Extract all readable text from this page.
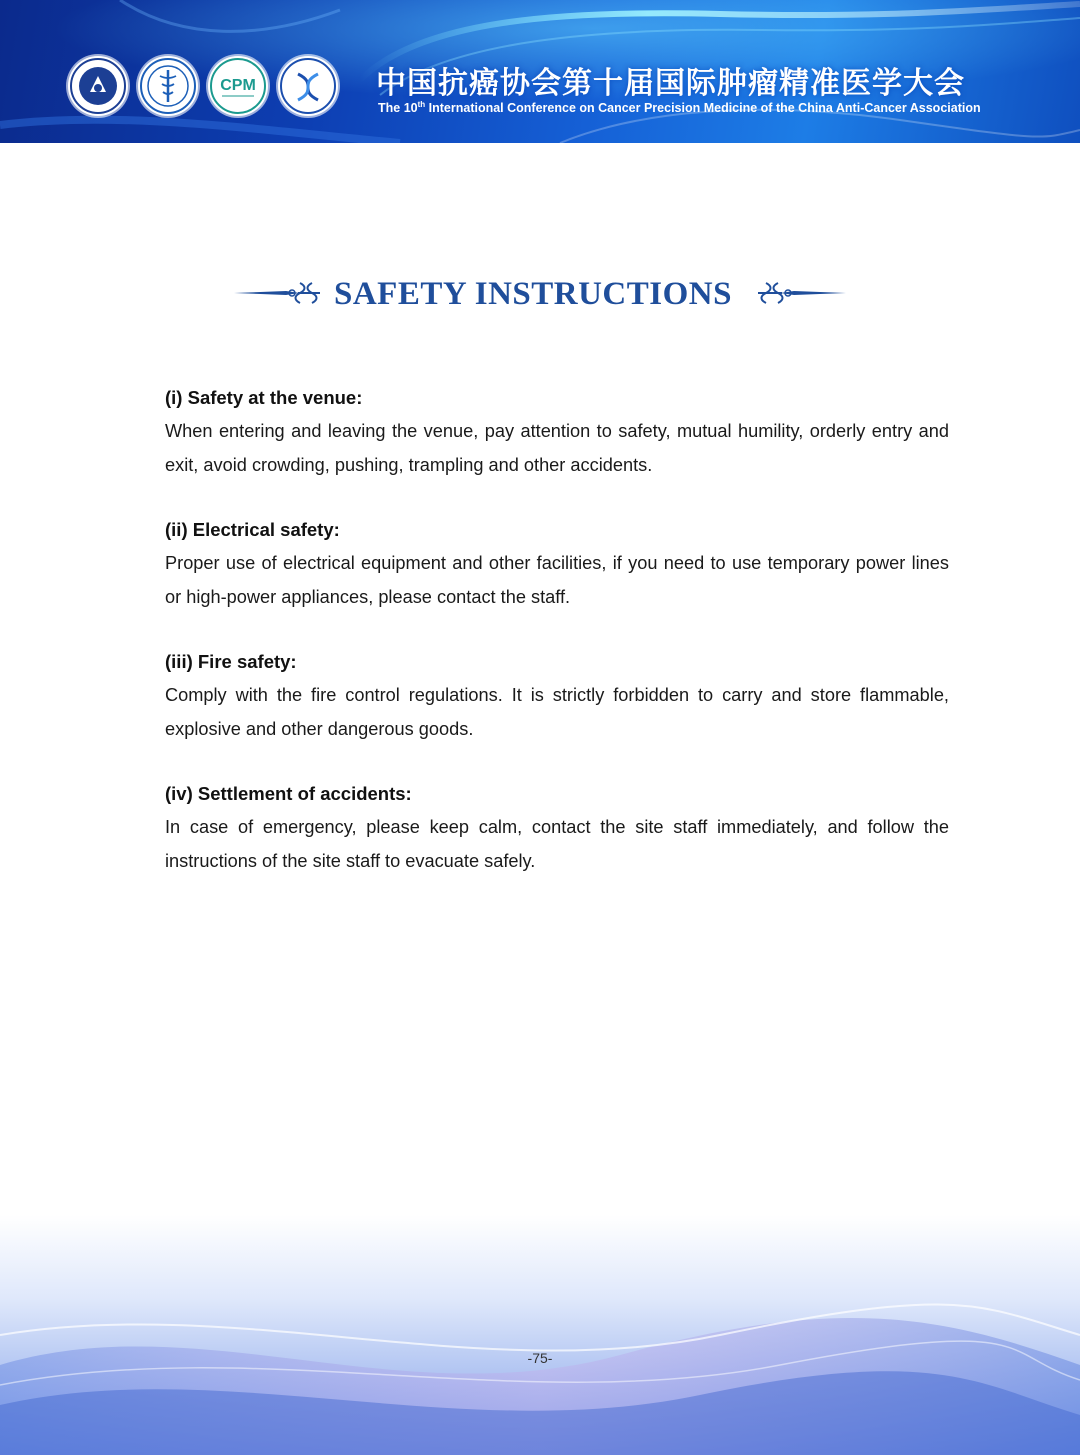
CPM	中国抗癌协会第十届国际肿瘤精准医学大会
The 10th International Conference on Cancer Precision Medicine of the China Anti-Cancer Association
SAFETY INSTRUCTIONS

(i) Safety at the venue:

When entering and leaving the venue, pay attention to safety, mutual humility, orderly entry and exit, avoid crowding, pushing, trampling and other accidents.

(ii) Electrical safety:

Proper use of electrical equipment and other facilities, if you need to use temporary power lines or high-power appliances, please contact the staff.

(iii) Fire safety:

Comply with the fire control regulations. It is strictly forbidden to carry and store flammable, explosive and other dangerous goods.

(iv) Settlement of accidents:

In case of emergency, please keep calm, contact the site staff immediately, and follow the instructions of the site staff to evacuate safely.

-75-
